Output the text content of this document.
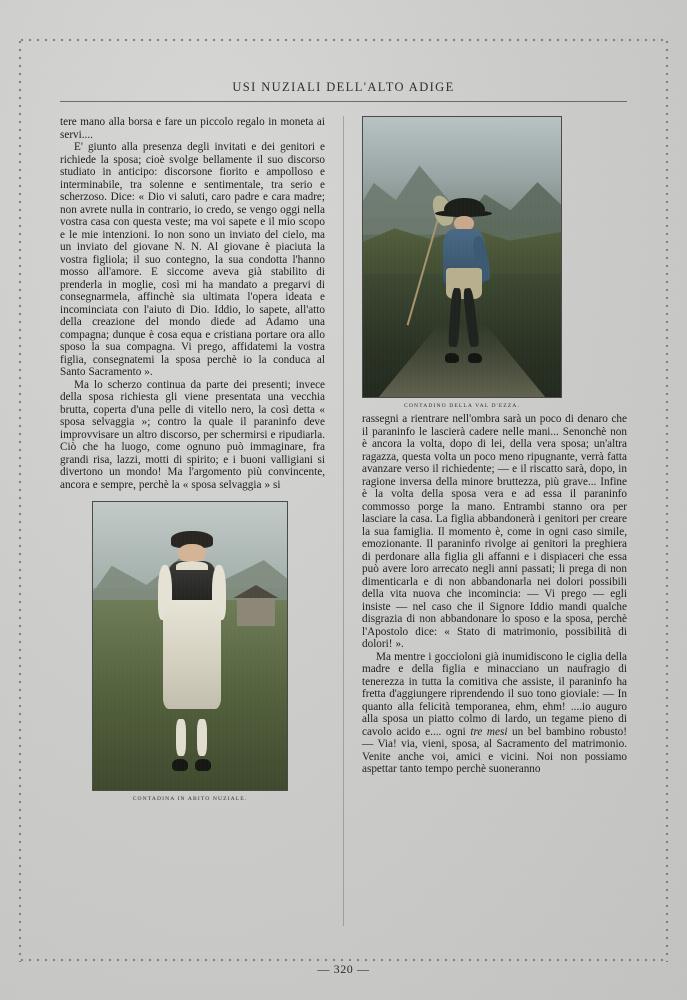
USI NUZIALI DELL'ALTO ADIGE

tere mano alla borsa e fare un piccolo regalo in moneta ai servi....

E' giunto alla presenza degli invitati e dei genitori e richiede la sposa; cioè svolge bellamente il suo discorso studiato in anticipo: discorsone fiorito e ampolloso e interminabile, tra solenne e sentimentale, tra serio e scherzoso. Dice: « Dio vi saluti, caro padre e cara madre; non avrete nulla in contrario, io credo, se vengo oggi nella vostra casa con questa veste; ma voi sapete e il mio scopo e le mie intenzioni. Io non sono un inviato del cielo, ma un inviato del giovane N. N. Al giovane è piaciuta la vostra figliola; il suo contegno, la sua condotta l'hanno mosso all'amore. E siccome aveva già stabilito di prenderla in moglie, così mi ha mandato a pregarvi di consegnarmela, affinchè sia ultimata l'opera ideata e incominciata con l'aiuto di Dio. Iddio, lo sapete, all'atto della creazione del mondo diede ad Adamo una compagna; dunque è cosa equa e cristiana portare ora allo sposo la sua compagna. Vi prego, affidatemi la vostra figlia, consegnatemi la sposa perchè io la conduca al Santo Sacramento ».

Ma lo scherzo continua da parte dei presenti; invece della sposa richiesta gli viene presentata una vecchia brutta, coperta d'una pelle di vitello nero, la così detta « sposa selvaggia »; contro la quale il paraninfo deve improvvisare un altro discorso, per schermirsi e ripudiarla. Ciò che ha luogo, come ognuno può immaginare, fra grandi risa, lazzi, motti di spirito; e i buoni valligiani si divertono un mondo! Ma l'argomento più convincente, ancora e sempre, perchè la « sposa selvaggia » si

CONTADINA IN ABITO NUZIALE.
CONTADINO DELLA VAL D'EZZA.

rassegni a rientrare nell'ombra sarà un poco di denaro che il paraninfo le lascierà cadere nelle mani... Senonchè non è ancora la volta, dopo di lei, della vera sposa; un'altra ragazza, questa volta un poco meno ripugnante, verrà fatta avanzare verso il richiedente; — e il riscatto sarà, dopo, in ragione inversa della minore bruttezza, più grave... Infine è la volta della sposa vera e ad essa il paraninfo commosso porge la mano. Entrambi stanno ora per lasciare la casa. La figlia abbandonerà i genitori per creare la sua famiglia. Il momento è, come in ogni caso simile, emozionante. Il paraninfo rivolge ai genitori la preghiera di perdonare alla figlia gli affanni e i dispiaceri che essa può avere loro arrecato negli anni passati; li prega di non dimenticarla e di non abbandonarla nei dolori possibili della vita nuova che incomincia: — Vi prego — egli insiste — nel caso che il Signore Iddio mandi qualche disgrazia di non abbandonare lo sposo e la sposa, perchè l'Apostolo dice: « Stato di matrimonio, possibilità di dolori! ».

Ma mentre i goccioloni già inumidiscono le ciglia della madre e della figlia e minacciano un naufragio di tenerezza in tutta la comitiva che assiste, il paraninfo ha fretta d'aggiungere riprendendo il suo tono gioviale: — In quanto alla felicità temporanea, ehm, ehm! ....io auguro alla sposa un piatto colmo di lardo, un tegame pieno di cavolo acido e.... ogni tre mesi un bel bambino robusto! — Via! via, vieni, sposa, al Sacramento del matrimonio. Venite anche voi, amici e vicini. Noi non possiamo aspettar tanto tempo perchè suoneranno

— 320 —
